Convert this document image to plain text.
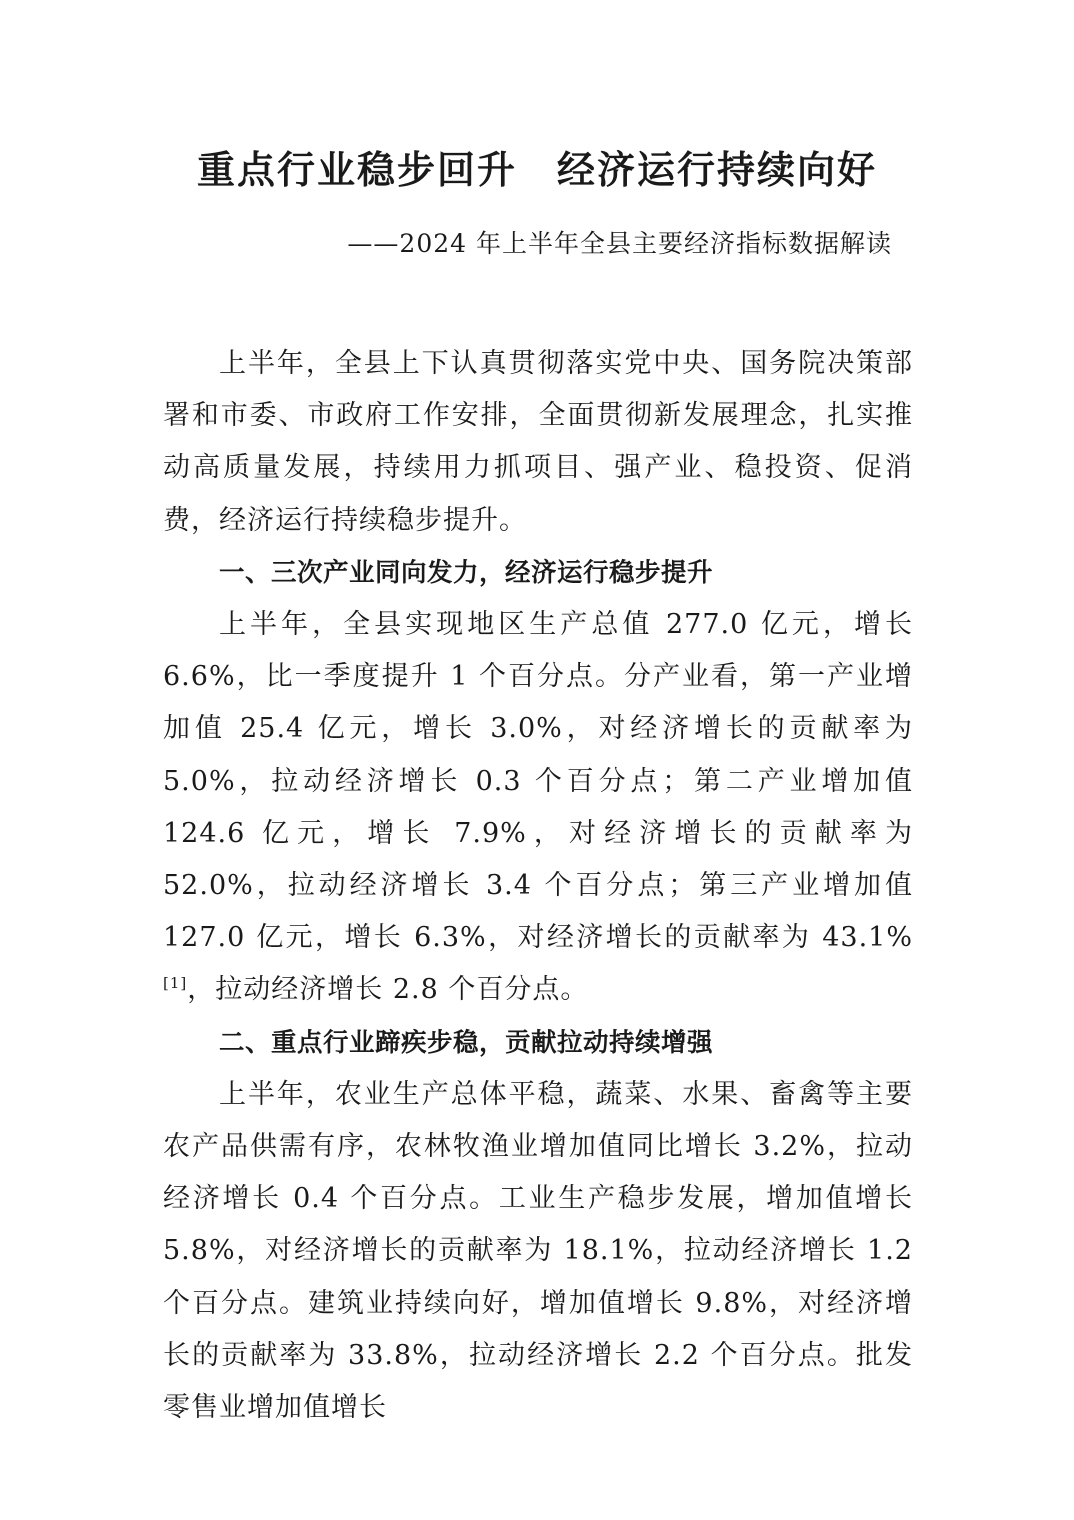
重点行业稳步回升　经济运行持续向好
——2024 年上半年全县主要经济指标数据解读

上半年，全县上下认真贯彻落实党中央、国务院决策部署和市委、市政府工作安排，全面贯彻新发展理念，扎实推动高质量发展，持续用力抓项目、强产业、稳投资、促消费，经济运行持续稳步提升。

一、三次产业同向发力，经济运行稳步提升

上半年，全县实现地区生产总值 277.0 亿元，增长 6.6%，比一季度提升 1 个百分点。分产业看，第一产业增加值 25.4 亿元，增长 3.0%，对经济增长的贡献率为 5.0%，拉动经济增长 0.3 个百分点；第二产业增加值 124.6 亿元，增长 7.9%，对经济增长的贡献率为 52.0%，拉动经济增长 3.4 个百分点；第三产业增加值 127.0 亿元，增长 6.3%，对经济增长的贡献率为 43.1%[1]，拉动经济增长 2.8 个百分点。

二、重点行业蹄疾步稳，贡献拉动持续增强

上半年，农业生产总体平稳，蔬菜、水果、畜禽等主要农产品供需有序，农林牧渔业增加值同比增长 3.2%，拉动经济增长 0.4 个百分点。工业生产稳步发展，增加值增长 5.8%，对经济增长的贡献率为 18.1%，拉动经济增长 1.2 个百分点。建筑业持续向好，增加值增长 9.8%，对经济增长的贡献率为 33.8%，拉动经济增长 2.2 个百分点。批发零售业增加值增长
